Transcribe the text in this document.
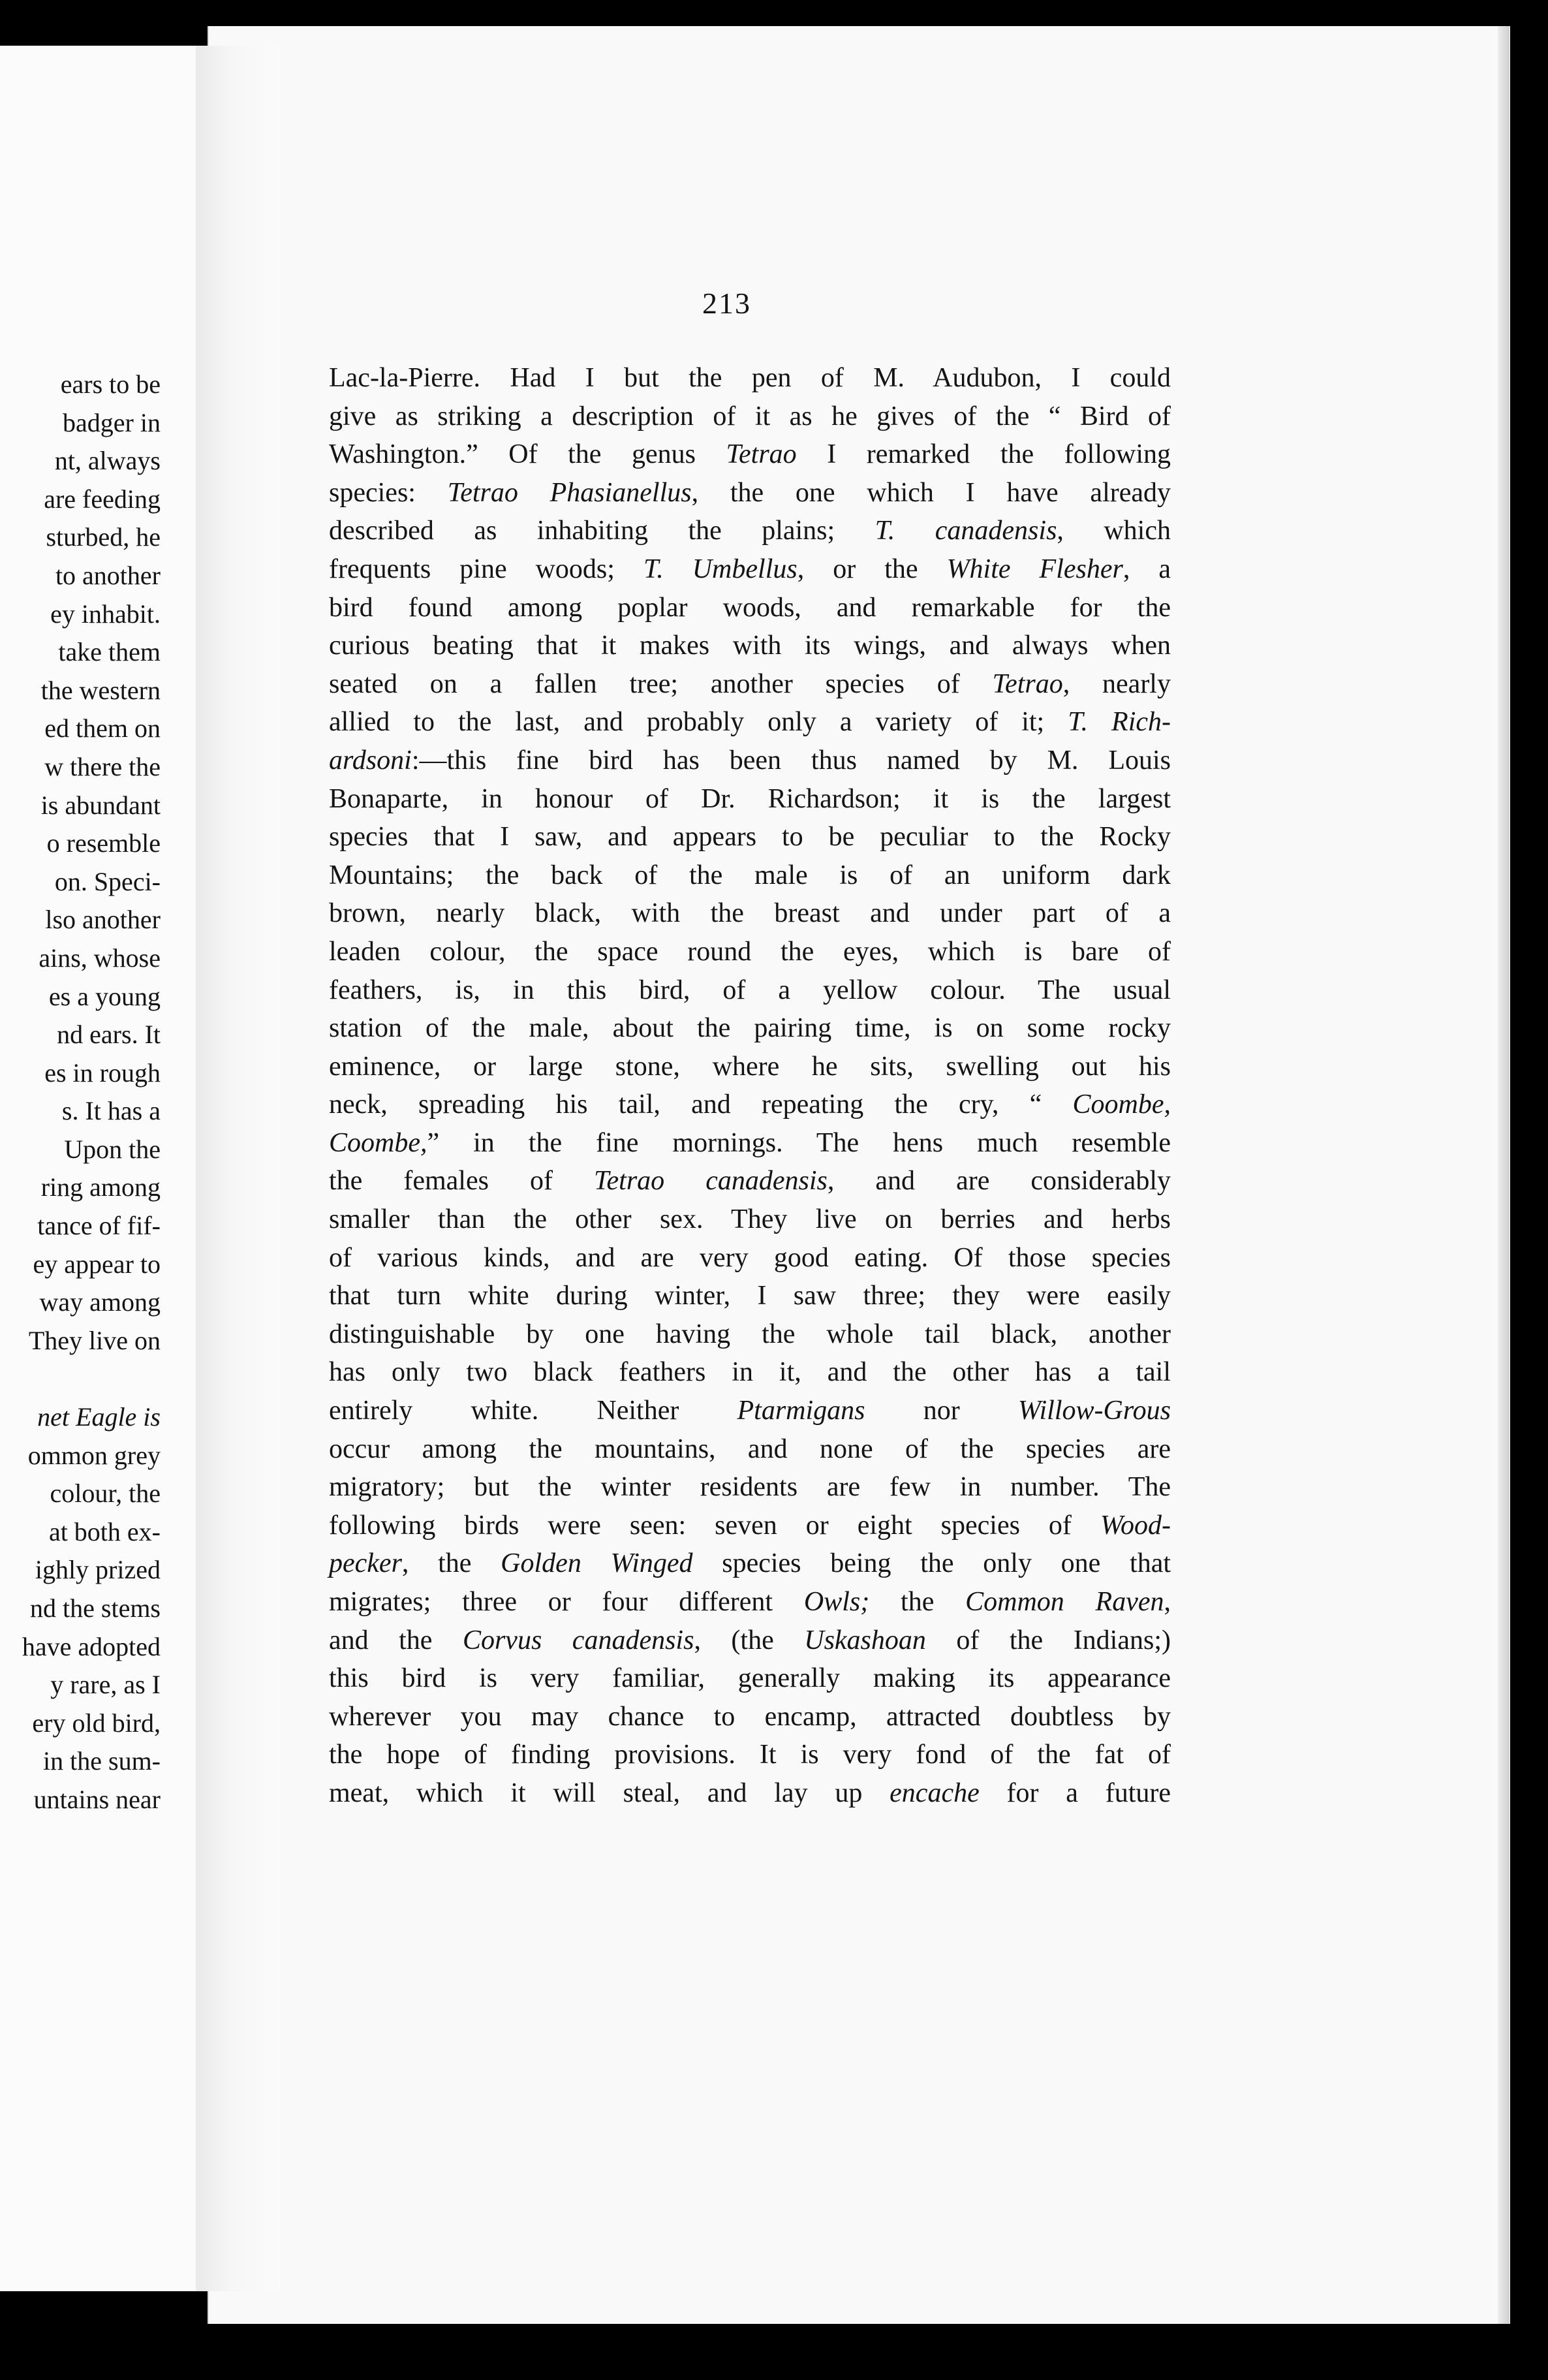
ears to be
badger in
nt, always
are feeding
sturbed, he
to another
ey inhabit.
take them
the western
ed them on
w there the
is abundant
o resemble
on. Speci-
lso another
ains, whose
es a young
nd ears. It
es in rough
s. It has a
Upon the
ring among
tance of fif-
ey appear to
way among
They live on
net Eagle is
ommon grey
colour, the
at both ex-
ighly prized
nd the stems
have adopted
y rare, as I
ery old bird,
in the sum-
untains near
213
Lac-la-Pierre. Had I but the pen of M. Audubon, I could
give as striking a description of it as he gives of the “ Bird of
Washington.” Of the genus Tetrao I remarked the following
species: Tetrao Phasianellus, the one which I have already
described as inhabiting the plains; T. canadensis, which
frequents pine woods; T. Umbellus, or the White Flesher, a
bird found among poplar woods, and remarkable for the
curious beating that it makes with its wings, and always when
seated on a fallen tree; another species of Tetrao, nearly
allied to the last, and probably only a variety of it; T. Rich-
ardsoni:—this fine bird has been thus named by M. Louis
Bonaparte, in honour of Dr. Richardson; it is the largest
species that I saw, and appears to be peculiar to the Rocky
Mountains; the back of the male is of an uniform dark
brown, nearly black, with the breast and under part of a
leaden colour, the space round the eyes, which is bare of
feathers, is, in this bird, of a yellow colour. The usual
station of the male, about the pairing time, is on some rocky
eminence, or large stone, where he sits, swelling out his
neck, spreading his tail, and repeating the cry, “ Coombe,
Coombe,” in the fine mornings. The hens much resemble
the females of Tetrao canadensis, and are considerably
smaller than the other sex. They live on berries and herbs
of various kinds, and are very good eating. Of those species
that turn white during winter, I saw three; they were easily
distinguishable by one having the whole tail black, another
has only two black feathers in it, and the other has a tail
entirely white. Neither Ptarmigans nor Willow-Grous
occur among the mountains, and none of the species are
migratory; but the winter residents are few in number. The
following birds were seen: seven or eight species of Wood-
pecker, the Golden Winged species being the only one that
migrates; three or four different Owls; the Common Raven,
and the Corvus canadensis, (the Uskashoan of the Indians;)
this bird is very familiar, generally making its appearance
wherever you may chance to encamp, attracted doubtless by
the hope of finding provisions. It is very fond of the fat of
meat, which it will steal, and lay up encache for a future
